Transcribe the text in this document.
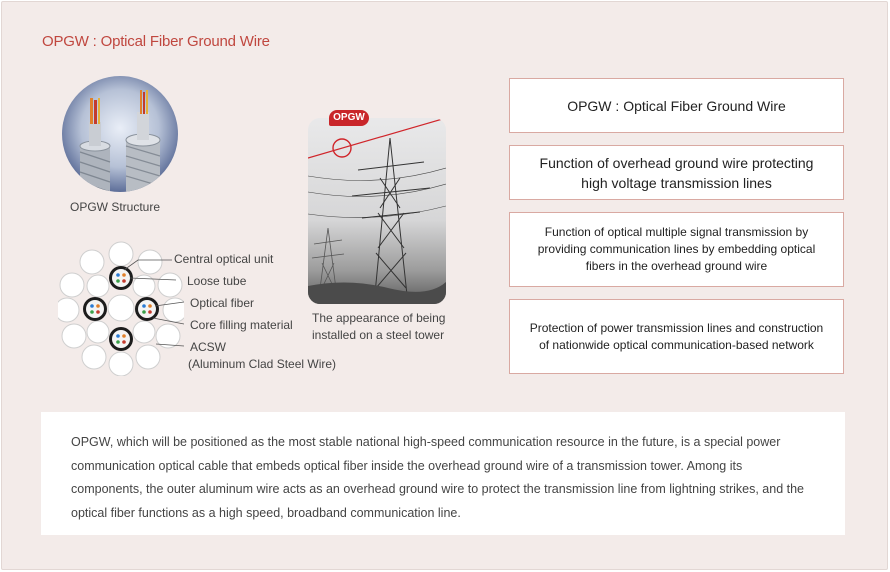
OPGW : Optical Fiber Ground Wire
OPGW Structure
Central optical unit
Loose tube
Optical fiber
Core filling material
ACSW
(Aluminum Clad Steel Wire)
OPGW
The appearance of being installed on a steel tower
OPGW : Optical Fiber Ground Wire
Function of overhead ground wire protecting high voltage transmission lines
Function of optical multiple signal transmission by providing communication lines by embedding optical fibers in the overhead ground wire
Protection of power transmission lines and construction of nationwide optical communication-based network
OPGW, which will be positioned as the most stable national high-speed communication resource in the future, is a special power communication optical cable that embeds optical fiber inside the overhead ground wire of a transmission tower. Among its components, the outer aluminum wire acts as an overhead ground wire to protect the transmission line from lightning strikes, and the optical fiber functions as a high speed, broadband communication line.
